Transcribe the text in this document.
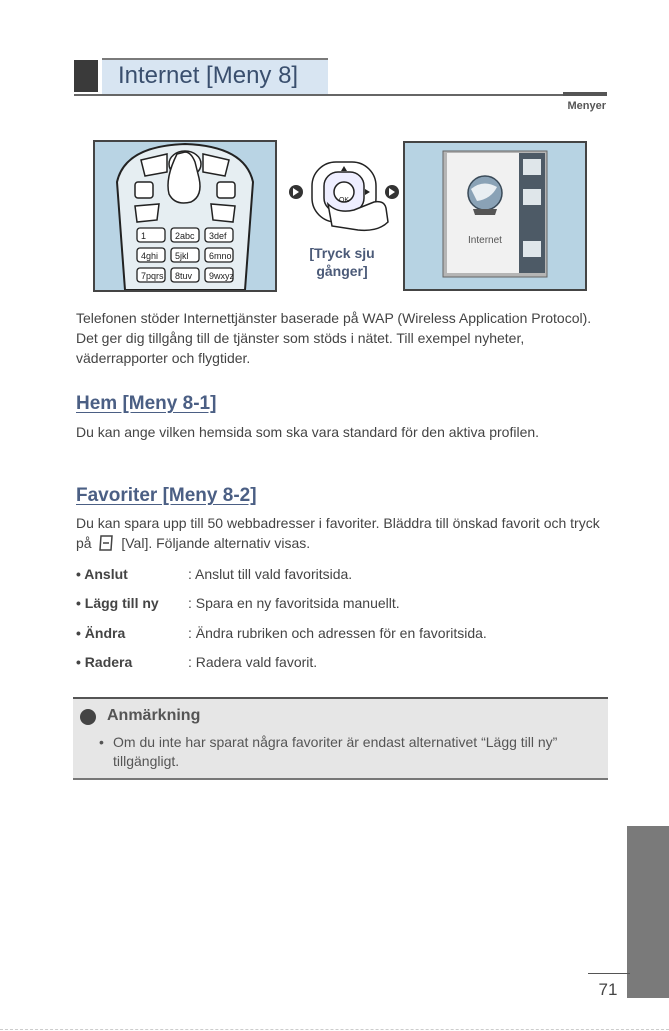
Internet [Meny 8]
Menyer
1	2abc 3def
4ghi 5jkl 6mno
7pqrs 8tuv 9wxyz
OK
[Tryck sju
gånger]
Internet

Telefonen stöder Internettjänster baserade på WAP (Wireless Application Protocol). Det ger dig tillgång till de tjänster som stöds i nätet. Till exempel nyheter, väderrapporter och flygtider.

Hem [Meny 8-1]

Du kan ange vilken hemsida som ska vara standard för den aktiva profilen.

Favoriter [Meny 8-2]

Du kan spara upp till 50 webbadresser i favoriter. Bläddra till önskad favorit och tryck på [Val]. Följande alternativ visas.

• Anslut	: Anslut till vald favoritsida.
• Lägg till ny : Spara en ny favoritsida manuellt.
• Ändra	: Ändra rubriken och adressen för en favoritsida.
• Radera	: Radera vald favorit.
Anmärkning
• Om du inte har sparat några favoriter är endast alternativet “Lägg till ny” tillgängligt.
71
